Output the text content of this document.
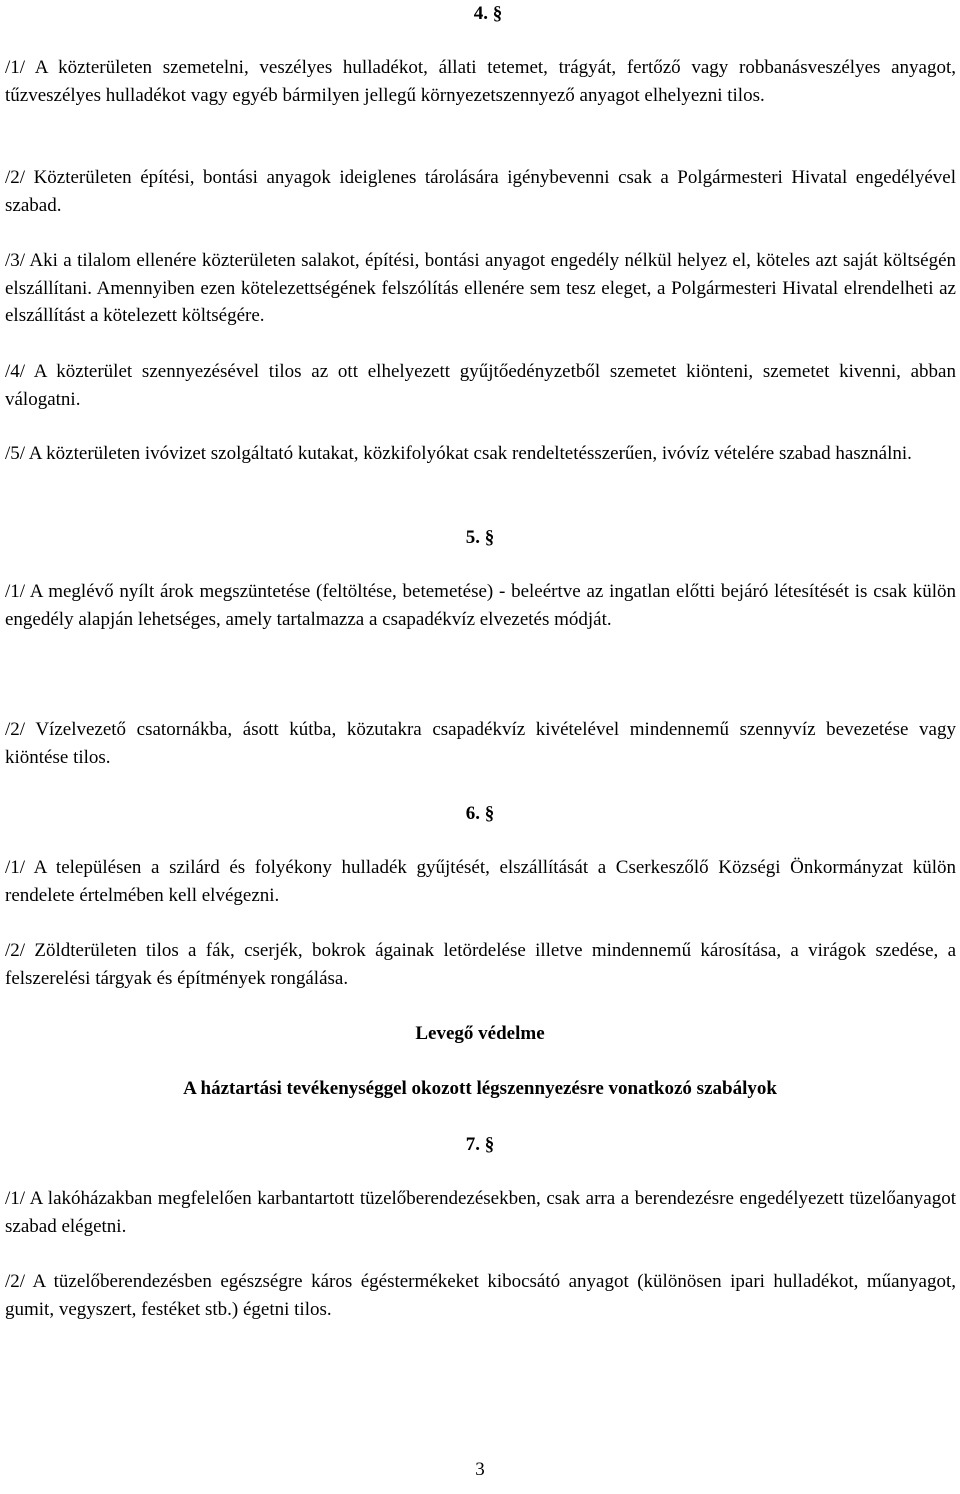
4. §

/1/ A közterületen szemetelni, veszélyes hulladékot, állati tetemet, trágyát, fertőző vagy robbanásveszélyes anyagot, tűzveszélyes hulladékot vagy egyéb bármilyen jellegű környezetszennyező anyagot elhelyezni tilos.

/2/ Közterületen építési, bontási anyagok ideiglenes tárolására igénybevenni csak a Polgármesteri Hivatal engedélyével szabad.

/3/ Aki a tilalom ellenére közterületen salakot, építési, bontási anyagot engedély nélkül helyez el, köteles azt saját költségén elszállítani. Amennyiben ezen kötelezettségének felszólítás ellenére sem tesz eleget, a Polgármesteri Hivatal elrendelheti az elszállítást a kötelezett költségére.

/4/ A közterület szennyezésével tilos az ott elhelyezett gyűjtőedényzetből szemetet kiönteni, szemetet kivenni, abban válogatni.

/5/ A közterületen ivóvizet szolgáltató kutakat, közkifolyókat csak rendeltetésszerűen, ivóvíz vételére szabad használni.

5. §

/1/ A meglévő nyílt árok megszüntetése (feltöltése, betemetése) - beleértve az ingatlan előtti bejáró létesítését is csak külön engedély alapján lehetséges, amely tartalmazza a csapadékvíz elvezetés módját.

/2/ Vízelvezető csatornákba, ásott kútba, közutakra csapadékvíz kivételével mindennemű szennyvíz bevezetése vagy kiöntése tilos.

6. §

/1/ A településen a szilárd és folyékony hulladék gyűjtését, elszállítását a Cserkeszőlő Községi Önkormányzat külön rendelete értelmében kell elvégezni.

/2/ Zöldterületen tilos a fák, cserjék, bokrok ágainak letördelése illetve mindennemű károsítása, a virágok szedése, a felszerelési tárgyak és építmények rongálása.

Levegő védelme

A háztartási tevékenységgel okozott légszennyezésre vonatkozó szabályok

7. §

/1/ A lakóházakban megfelelően karbantartott tüzelőberendezésekben, csak arra a berendezésre engedélyezett tüzelőanyagot szabad elégetni.

/2/ A tüzelőberendezésben egészségre káros égéstermékeket kibocsátó anyagot (különösen ipari hulladékot, műanyagot, gumit, vegyszert, festéket stb.) égetni tilos.

3
